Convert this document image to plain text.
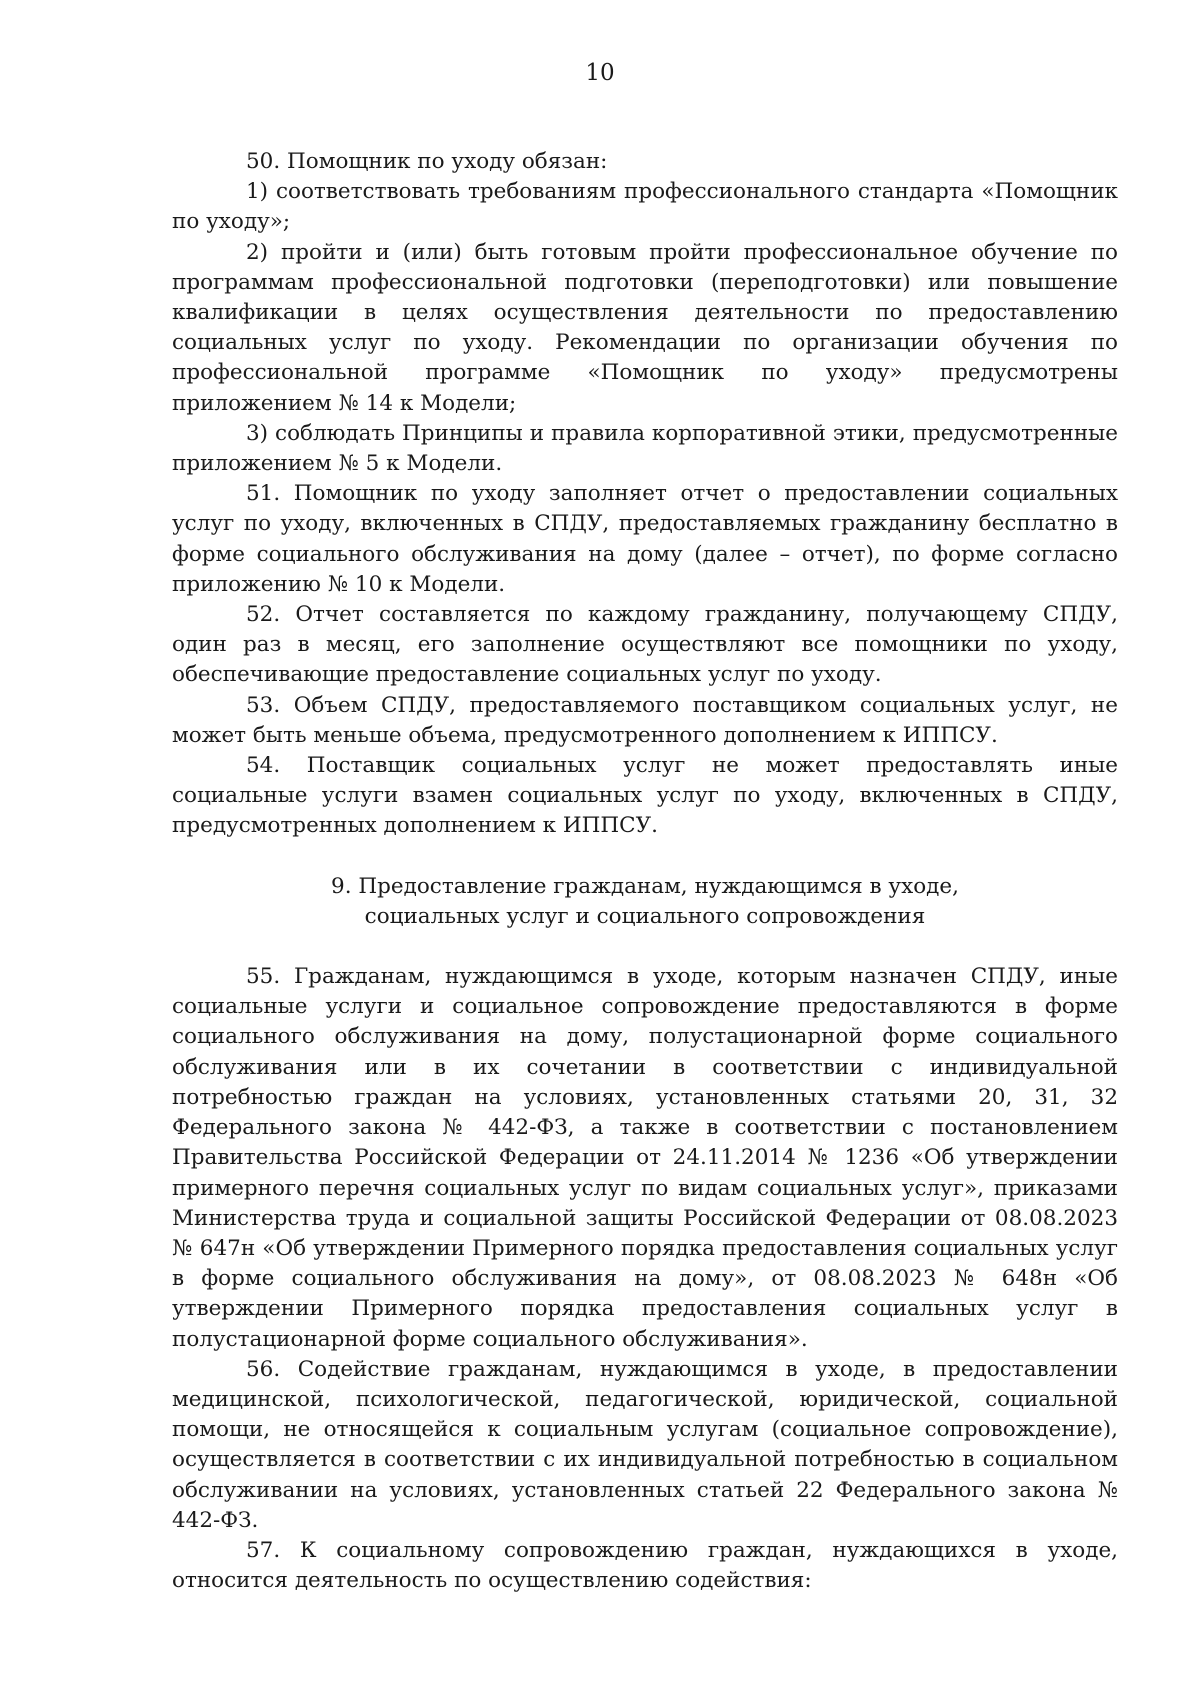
10

50. Помощник по уходу обязан:

1) соответствовать требованиям профессионального стандарта «Помощник по уходу»;

2) пройти и (или) быть готовым пройти профессиональное обучение по программам профессиональной подготовки (переподготовки) или повышение квалификации в целях осуществления деятельности по предоставлению социальных услуг по уходу. Рекомендации по организации обучения по профессиональной программе «Помощник по уходу» предусмотрены приложением № 14 к Модели;

3) соблюдать Принципы и правила корпоративной этики, предусмотренные приложением № 5 к Модели.

51. Помощник по уходу заполняет отчет о предоставлении социальных услуг по уходу, включенных в СПДУ, предоставляемых гражданину бесплатно в форме социального обслуживания на дому (далее – отчет), по форме согласно приложению № 10 к Модели.

52. Отчет составляется по каждому гражданину, получающему СПДУ, один раз в месяц, его заполнение осуществляют все помощники по уходу, обеспечивающие предоставление социальных услуг по уходу.

53. Объем СПДУ, предоставляемого поставщиком социальных услуг, не может быть меньше объема, предусмотренного дополнением к ИППСУ.

54. Поставщик социальных услуг не может предоставлять иные социальные услуги взамен социальных услуг по уходу, включенных в СПДУ, предусмотренных дополнением к ИППСУ.

9. Предоставление гражданам, нуждающимся в уходе,
социальных услуг и социального сопровождения

55. Гражданам, нуждающимся в уходе, которым назначен СПДУ, иные социальные услуги и социальное сопровождение предоставляются в форме социального обслуживания на дому, полустационарной форме социального обслуживания или в их сочетании в соответствии с индивидуальной потребностью граждан на условиях, установленных статьями 20, 31, 32 Федерального закона № 442-ФЗ, а также в соответствии с постановлением Правительства Российской Федерации от 24.11.2014 № 1236 «Об утверждении примерного перечня социальных услуг по видам социальных услуг», приказами Министерства труда и социальной защиты Российской Федерации от 08.08.2023 № 647н «Об утверждении Примерного порядка предоставления социальных услуг в форме социального обслуживания на дому», от 08.08.2023 № 648н «Об утверждении Примерного порядка предоставления социальных услуг в полустационарной форме социального обслуживания».

56. Содействие гражданам, нуждающимся в уходе, в предоставлении медицинской, психологической, педагогической, юридической, социальной помощи, не относящейся к социальным услугам (социальное сопровождение), осуществляется в соответствии с их индивидуальной потребностью в социальном обслуживании на условиях, установленных статьей 22 Федерального закона № 442-ФЗ.

57. К социальному сопровождению граждан, нуждающихся в уходе, относится деятельность по осуществлению содействия:
